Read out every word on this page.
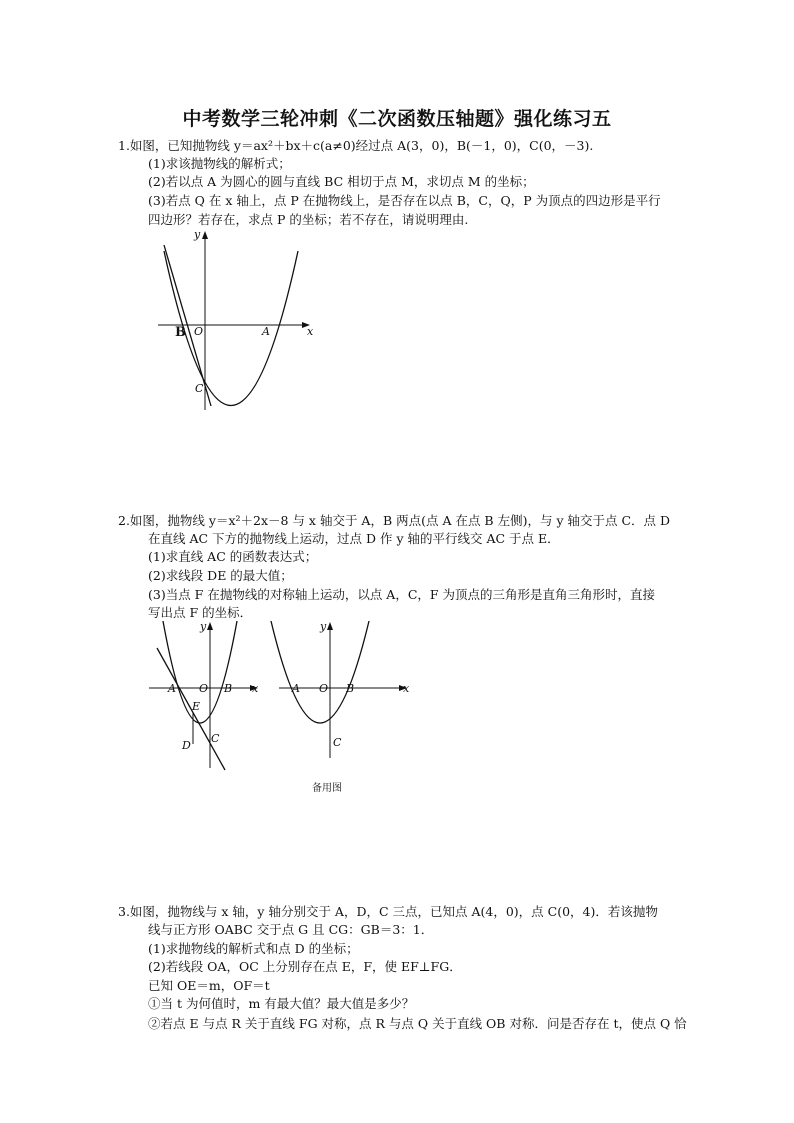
中考数学三轮冲刺《二次函数压轴题》强化练习五
1.如图，已知抛物线 y＝ax²＋bx＋c(a≠0)经过点 A(3，0)，B(－1，0)，C(0，－3).
(1)求该抛物线的解析式；
(2)若以点 A 为圆心的圆与直线 BC 相切于点 M，求切点 M 的坐标；
(3)若点 Q 在 x 轴上，点 P 在抛物线上，是否存在以点 B，C，Q，P 为顶点的四边形是平行
四边形？若存在，求点 P 的坐标；若不存在，请说明理由.
y
x
O	A
B
C
2.如图，抛物线 y＝x²＋2x－8 与 x 轴交于 A，B 两点(点 A 在点 B 左侧)，与 y 轴交于点 C．点 D
在直线 AC 下方的抛物线上运动，过点 D 作 y 轴的平行线交 AC 于点 E．
(1)求直线 AC 的函数表达式；
(2)求线段 DE 的最大值；
(3)当点 F 在抛物线的对称轴上运动，以点 A，C，F 为顶点的三角形是直角三角形时，直接
写出点 F 的坐标．
y
x
O
A	B
E
D
C
y
x
O
A	B
C
备用图
3.如图，抛物线与 x 轴，y 轴分别交于 A，D，C 三点，已知点 A(4，0)，点 C(0，4)．若该抛物
线与正方形 OABC 交于点 G 且 CG：GB＝3：1．
(1)求抛物线的解析式和点 D 的坐标；
(2)若线段 OA，OC 上分别存在点 E，F，使 EF⊥FG．
已知 OE＝m，OF＝t
①当 t 为何值时，m 有最大值？最大值是多少？
②若点 E 与点 R 关于直线 FG 对称，点 R 与点 Q 关于直线 OB 对称．问是否存在 t，使点 Q 恰
